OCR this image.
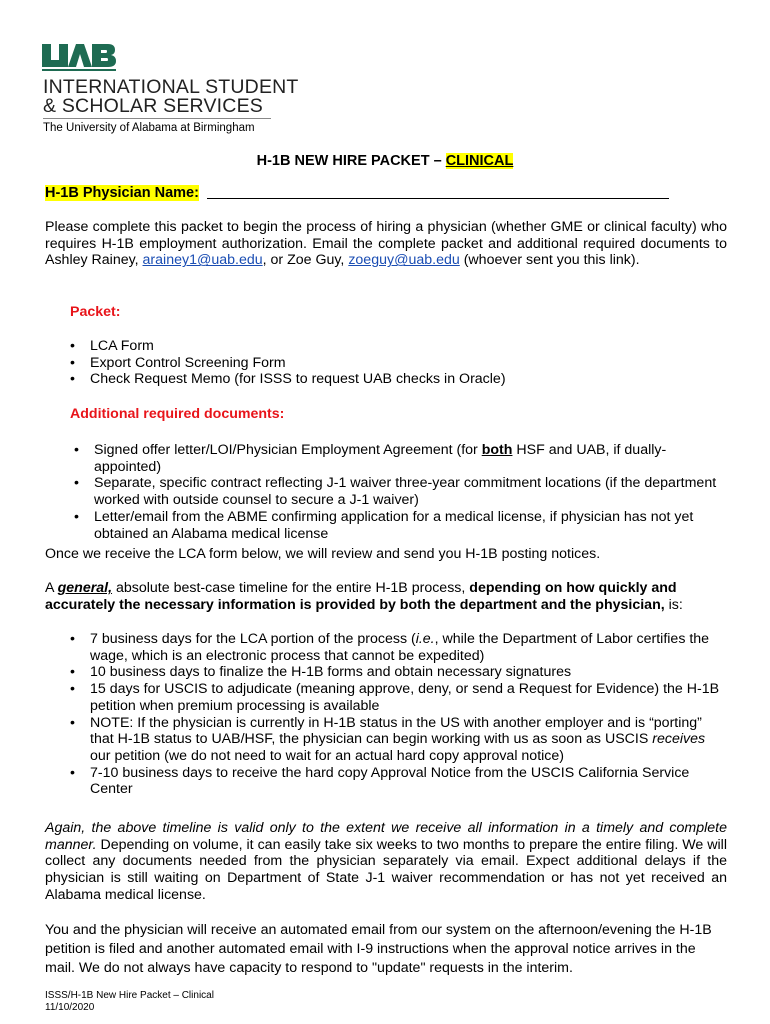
INTERNATIONAL STUDENT
& SCHOLAR SERVICES
The University of Alabama at Birmingham
H-1B NEW HIRE PACKET – CLINICAL
H-1B Physician Name:
Please complete this packet to begin the process of hiring a physician (whether GME or clinical faculty) who requires H-1B employment authorization. Email the complete packet and additional required documents to Ashley Rainey, arainey1@uab.edu, or Zoe Guy, zoeguy@uab.edu (whoever sent you this link).
Packet:
• LCA Form
• Export Control Screening Form
• Check Request Memo (for ISSS to request UAB checks in Oracle)
Additional required documents:
• Signed offer letter/LOI/Physician Employment Agreement (for both HSF and UAB, if dually-appointed)
• Separate, specific contract reflecting J-1 waiver three-year commitment locations (if the department worked with outside counsel to secure a J-1 waiver)
• Letter/email from the ABME confirming application for a medical license, if physician has not yet obtained an Alabama medical license
Once we receive the LCA form below, we will review and send you H-1B posting notices.
A general, absolute best-case timeline for the entire H-1B process, depending on how quickly and accurately the necessary information is provided by both the department and the physician, is:
• 7 business days for the LCA portion of the process (i.e., while the Department of Labor certifies the wage, which is an electronic process that cannot be expedited)
• 10 business days to finalize the H-1B forms and obtain necessary signatures
• 15 days for USCIS to adjudicate (meaning approve, deny, or send a Request for Evidence) the H-1B petition when premium processing is available
• NOTE: If the physician is currently in H-1B status in the US with another employer and is “porting” that H-1B status to UAB/HSF, the physician can begin working with us as soon as USCIS receives our petition (we do not need to wait for an actual hard copy approval notice)
• 7-10 business days to receive the hard copy Approval Notice from the USCIS California Service Center
Again, the above timeline is valid only to the extent we receive all information in a timely and complete manner. Depending on volume, it can easily take six weeks to two months to prepare the entire filing. We will collect any documents needed from the physician separately via email. Expect additional delays if the physician is still waiting on Department of State J-1 waiver recommendation or has not yet received an Alabama medical license.
You and the physician will receive an automated email from our system on the afternoon/evening the H-1B petition is filed and another automated email with I-9 instructions when the approval notice arrives in the mail. We do not always have capacity to respond to "update" requests in the interim.
ISSS/H-1B New Hire Packet – Clinical
11/10/2020
